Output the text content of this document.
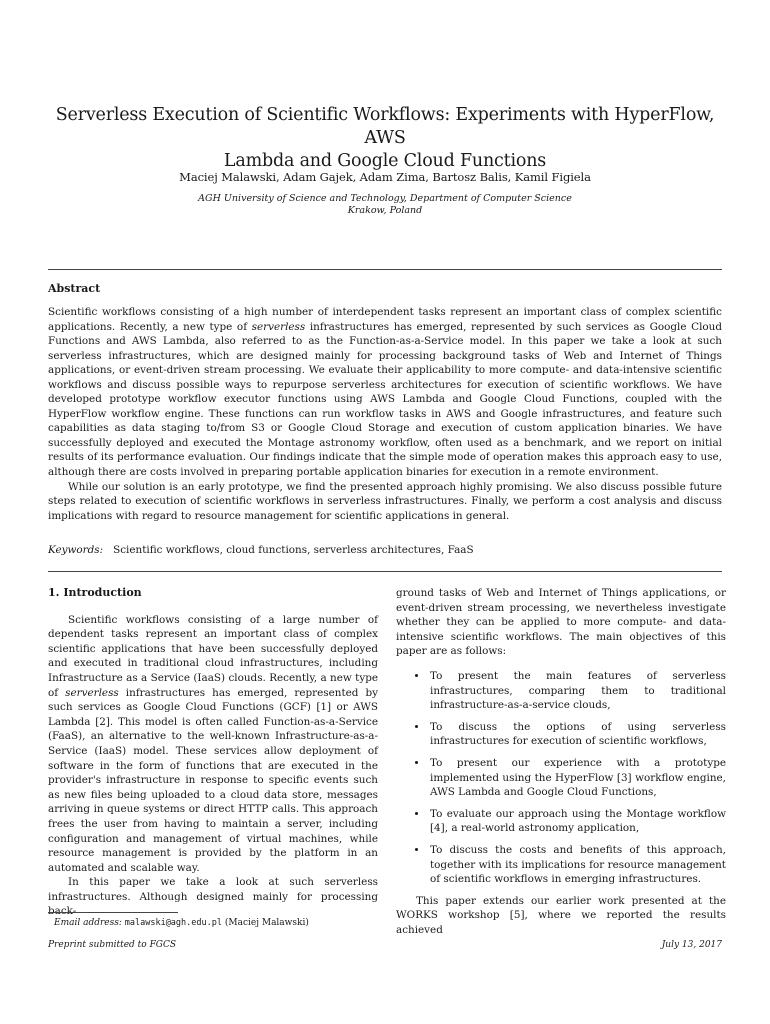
Serverless Execution of Scientific Workflows: Experiments with HyperFlow, AWS
Lambda and Google Cloud Functions
Maciej Malawski, Adam Gajek, Adam Zima, Bartosz Balis, Kamil Figiela
AGH University of Science and Technology, Department of Computer Science
Krakow, Poland
Abstract

Scientific workflows consisting of a high number of interdependent tasks represent an important class of complex scientific applications. Recently, a new type of serverless infrastructures has emerged, represented by such services as Google Cloud Functions and AWS Lambda, also referred to as the Function-as-a-Service model. In this paper we take a look at such serverless infrastructures, which are designed mainly for processing background tasks of Web and Internet of Things applications, or event-driven stream processing. We evaluate their applicability to more compute- and data-intensive scientific workflows and discuss possible ways to repurpose serverless architectures for execution of scientific workflows. We have developed prototype workflow executor functions using AWS Lambda and Google Cloud Functions, coupled with the HyperFlow workflow engine. These functions can run workflow tasks in AWS and Google infrastructures, and feature such capabilities as data staging to/from S3 or Google Cloud Storage and execution of custom application binaries. We have successfully deployed and executed the Montage astronomy workflow, often used as a benchmark, and we report on initial results of its performance evaluation. Our findings indicate that the simple mode of operation makes this approach easy to use, although there are costs involved in preparing portable application binaries for execution in a remote environment.

While our solution is an early prototype, we find the presented approach highly promising. We also discuss possible future steps related to execution of scientific workflows in serverless infrastructures. Finally, we perform a cost analysis and discuss implications with regard to resource management for scientific applications in general.

Keywords: Scientific workflows, cloud functions, serverless architectures, FaaS
1. Introduction

Scientific workflows consisting of a large number of dependent tasks represent an important class of complex scientific applications that have been successfully deployed and executed in traditional cloud infrastructures, including Infrastructure as a Service (IaaS) clouds. Recently, a new type of serverless infrastructures has emerged, represented by such services as Google Cloud Functions (GCF) [1] or AWS Lambda [2]. This model is often called Function-as-a-Service (FaaS), an alternative to the well-known Infrastructure-as-a-Service (IaaS) model. These services allow deployment of software in the form of functions that are executed in the provider's infrastructure in response to specific events such as new files being uploaded to a cloud data store, messages arriving in queue systems or direct HTTP calls. This approach frees the user from having to maintain a server, including configuration and management of virtual machines, while resource management is provided by the platform in an automated and scalable way.

In this paper we take a look at such serverless infrastructures. Although designed mainly for processing back-

ground tasks of Web and Internet of Things applications, or event-driven stream processing, we nevertheless investigate whether they can be applied to more compute- and data-intensive scientific workflows. The main objectives of this paper are as follows:

• To present the main features of serverless infrastructures, comparing them to traditional infrastructure-as-a-service clouds,
• To discuss the options of using serverless infrastructures for execution of scientific workflows,
• To present our experience with a prototype implemented using the HyperFlow [3] workflow engine, AWS Lambda and Google Cloud Functions,
• To evaluate our approach using the Montage workflow [4], a real-world astronomy application,
• To discuss the costs and benefits of this approach, together with its implications for resource management of scientific workflows in emerging infrastructures.

This paper extends our earlier work presented at the WORKS workshop [5], where we reported the results achieved

Email address: malawski@agh.edu.pl (Maciej Malawski)
Preprint submitted to FGCS	July 13, 2017
